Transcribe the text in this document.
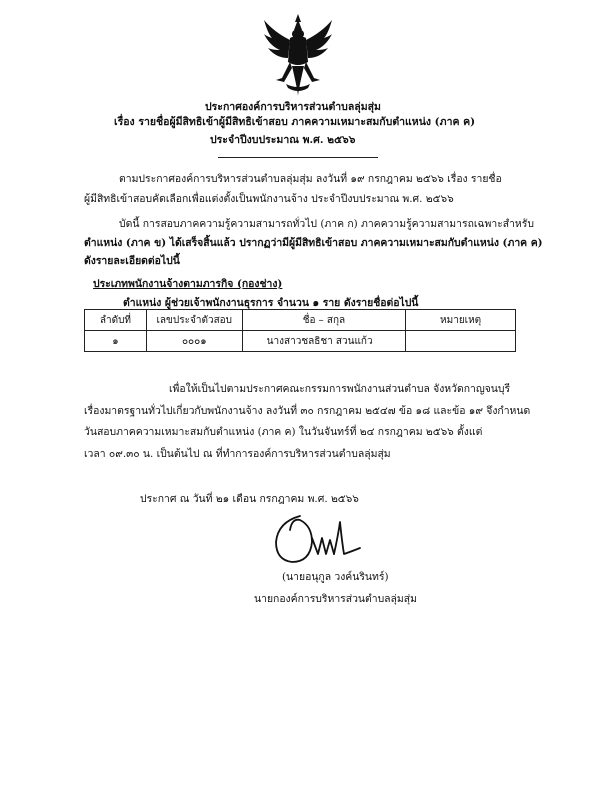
ประกาศองค์การบริหารส่วนตำบลลุ่มสุ่ม
เรื่อง รายชื่อผู้มีสิทธิเข้าผู้มีสิทธิเข้าสอบ ภาคความเหมาะสมกับตำแหน่ง (ภาค ค)
ประจำปีงบประมาณ พ.ศ. ๒๕๖๖
ตามประกาศองค์การบริหารส่วนตำบลลุ่มสุ่ม ลงวันที่ ๑๙ กรกฎาคม ๒๕๖๖ เรื่อง รายชื่อ
ผู้มีสิทธิเข้าสอบคัดเลือกเพื่อแต่งตั้งเป็นพนักงานจ้าง ประจำปีงบประมาณ พ.ศ. ๒๕๖๖
บัดนี้ การสอบภาคความรู้ความสามารถทั่วไป (ภาค ก) ภาคความรู้ความสามารถเฉพาะสำหรับ
ตำแหน่ง (ภาค ข) ได้เสร็จสิ้นแล้ว ปรากฏว่ามีผู้มีสิทธิเข้าสอบ ภาคความเหมาะสมกับตำแหน่ง (ภาค ค)
ดังรายละเอียดต่อไปนี้
ประเภทพนักงานจ้างตามภารกิจ (กองช่าง)
ตำแหน่ง ผู้ช่วยเจ้าพนักงานธุรการ จำนวน ๑ ราย ดังรายชื่อต่อไปนี้
ลำดับที่	เลขประจำตัวสอบ	ชื่อ – สกุล	หมายเหตุ
๑	๐๐๐๑	นางสาวชลธิชา สวนแก้ว	
เพื่อให้เป็นไปตามประกาศคณะกรรมการพนักงานส่วนตำบล จังหวัดกาญจนบุรี
เรื่องมาตรฐานทั่วไปเกี่ยวกับพนักงานจ้าง ลงวันที่ ๓๐ กรกฎาคม ๒๕๔๗ ข้อ ๑๘ และข้อ ๑๙ จึงกำหนด
วันสอบภาคความเหมาะสมกับตำแหน่ง (ภาค ค) ในวันจันทร์ที่ ๒๔ กรกฎาคม ๒๕๖๖ ตั้งแต่
เวลา ๐๙.๓๐ น. เป็นต้นไป ณ ที่ทำการองค์การบริหารส่วนตำบลลุ่มสุ่ม
ประกาศ ณ วันที่ ๒๑ เดือน กรกฎาคม พ.ศ. ๒๕๖๖
(นายอนุกูล วงค์นรินทร์)
นายกองค์การบริหารส่วนตำบลลุ่มสุ่ม
